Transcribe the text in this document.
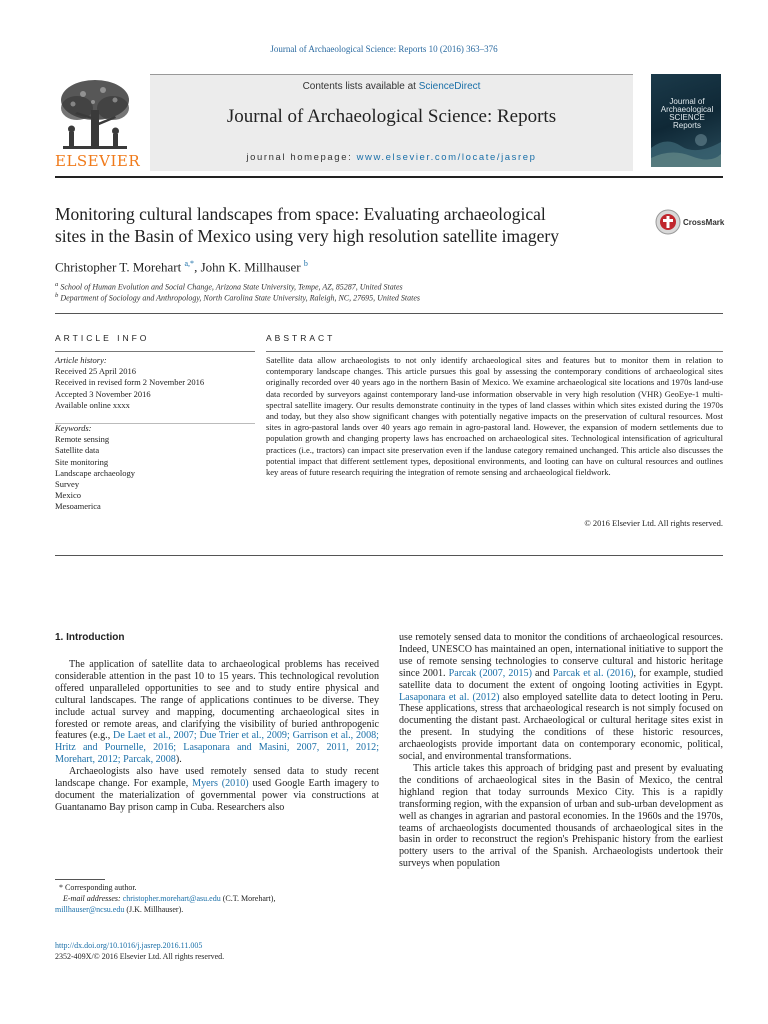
Journal of Archaeological Science: Reports 10 (2016) 363–376
ELSEVIER
Contents lists available at ScienceDirect
Journal of Archaeological Science: Reports
journal homepage: www.elsevier.com/locate/jasrep
Journal of
Archaeological
SCIENCE
Reports
Monitoring cultural landscapes from space: Evaluating archaeological
sites in the Basin of Mexico using very high resolution satellite imagery
CrossMark
Christopher T. Morehart $^{a,*}$, John K. Millhauser $^b$
$^a$ School of Human Evolution and Social Change, Arizona State University, Tempe, AZ, 85287, United States
$^b$ Department of Sociology and Anthropology, North Carolina State University, Raleigh, NC, 27695, United States
ARTICLE INFO	ABSTRACT
Article history:
Received 25 April 2016
Received in revised form 2 November 2016
Accepted 3 November 2016
Available online xxxx
Keywords:
Remote sensing
Satellite data
Site monitoring
Landscape archaeology
Survey
Mexico
Mesoamerica
Satellite data allow archaeologists to not only identify archaeological sites and features but to monitor them in relation to contemporary landscape changes. This article pursues this goal by assessing the contemporary conditions of archaeological sites originally recorded over 40 years ago in the northern Basin of Mexico. We examine archaeological site locations and 1970s land-use data recorded by surveyors against contemporary land-use information observable in very high resolution (VHR) GeoEye-1 multi-spectral satellite imagery. Our results demonstrate continuity in the types of land classes within which sites existed during the 1970s and today, but they also show significant changes with potentially negative impacts on the preservation of cultural resources. Most sites in agro-pastoral lands over 40 years ago remain in agro-pastoral land. However, the expansion of modern settlements due to population growth and changing property laws has encroached on archaeological sites. Technological intensification of agricultural practices (i.e., tractors) can impact site preservation even if the landuse category remained unchanged. This article also discusses the potential impact that different settlement types, depositional environments, and looting can have on cultural resources and outlines key areas of future research requiring the integration of remote sensing and archaeological fieldwork.
© 2016 Elsevier Ltd. All rights reserved.
1. Introduction

The application of satellite data to archaeological problems has received considerable attention in the past 10 to 15 years. This technological revolution offered unparalleled opportunities to see and to study entire physical and cultural landscapes. The range of applications continues to be diverse. They include actual survey and mapping, documenting archaeological sites in forested or remote areas, and clarifying the visibility of buried anthropogenic features (e.g., De Laet et al., 2007; Due Trier et al., 2009; Garrison et al., 2008; Hritz and Pournelle, 2016; Lasaponara and Masini, 2007, 2011, 2012; Morehart, 2012; Parcak, 2008).

Archaeologists also have used remotely sensed data to study recent landscape change. For example, Myers (2010) used Google Earth imagery to document the materialization of governmental power via constructions at Guantanamo Bay prison camp in Cuba. Researchers also

use remotely sensed data to monitor the conditions of archaeological resources. Indeed, UNESCO has maintained an open, international initiative to support the use of remote sensing technologies to conserve cultural and historic heritage since 2001. Parcak (2007, 2015) and Parcak et al. (2016), for example, studied satellite data to document the extent of ongoing looting activities in Egypt. Lasaponara et al. (2012) also employed satellite data to detect looting in Peru. These applications, stress that archaeological research is not simply focused on documenting the distant past. Archaeological or cultural heritage sites exist in the present. In studying the conditions of these historic resources, archaeologists provide important data on contemporary economic, political, social, and environmental transformations.

This article takes this approach of bridging past and present by evaluating the conditions of archaeological sites in the Basin of Mexico, the central highland region that today surrounds Mexico City. This is a rapidly transforming region, with the expansion of urban and sub-urban development as well as changes in agrarian and pastoral economies. In the 1960s and the 1970s, teams of archaeologists documented thousands of archaeological sites in the basin in order to reconstruct the region's Prehispanic history from the earliest pottery users to the arrival of the Spanish. Archaeologists undertook their surveys when population

* Corresponding author.
E-mail addresses: christopher.morehart@asu.edu (C.T. Morehart),
millhauser@ncsu.edu (J.K. Millhauser).
http://dx.doi.org/10.1016/j.jasrep.2016.11.005
2352-409X/© 2016 Elsevier Ltd. All rights reserved.
